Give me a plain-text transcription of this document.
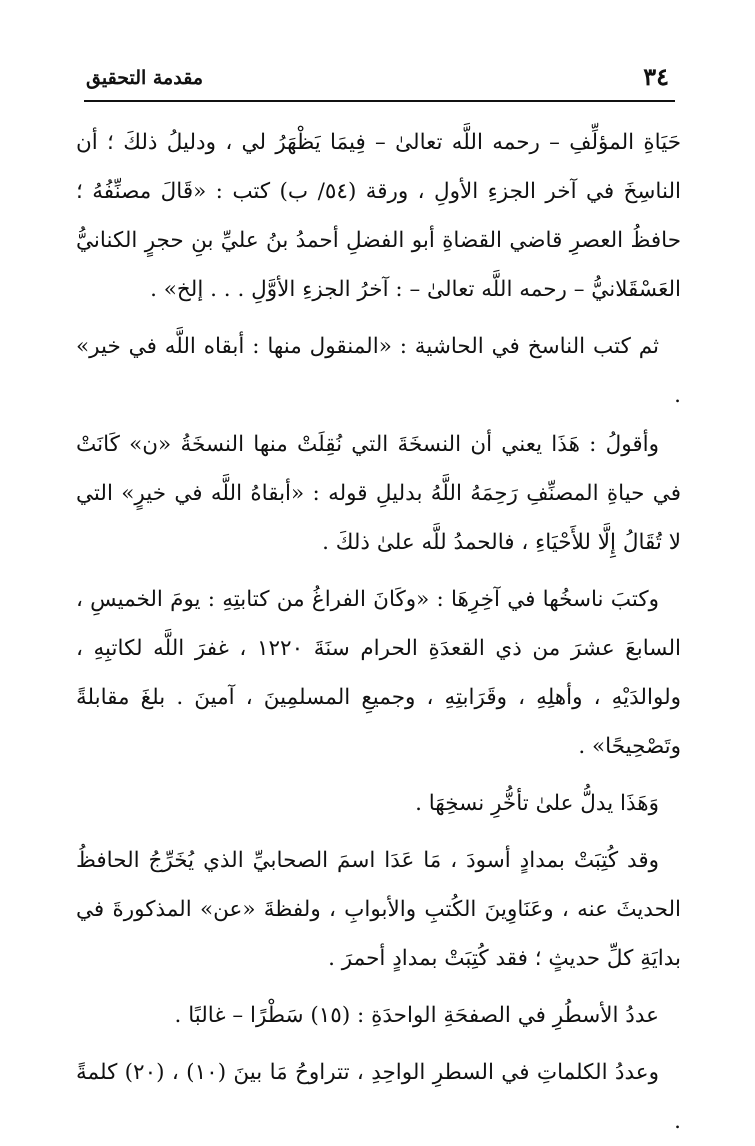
٣٤
مقدمة التحقيق

حَيَاةِ المؤلِّفِ – رحمه اللَّه تعالىٰ – فِيمَا يَظْهَرُ لي ، ودليلُ ذلكَ ؛ أن الناسِخَ في آخر الجزءِ الأولِ ، ورقة (٥٤/ ب) كتب : «قَالَ مصنِّفُهُ ؛ حافظُ العصرِ قاضي القضاةِ أبو الفضلِ أحمدُ بنُ عليِّ بنِ حجرٍ الكنانيُّ العَسْقَلانيُّ – رحمه اللَّه تعالىٰ – : آخرُ الجزءِ الأوَّلِ . . . إلخ» .

ثم كتب الناسخ في الحاشية : «المنقول منها : أبقاه اللَّه في خير» .

وأقولُ : هَذَا يعني أن النسخَةَ التي نُقِلَتْ منها النسخَةُ «ن» كَانَتْ في حياةِ المصنِّفِ رَحِمَهُ اللَّهُ بدليلِ قوله : «أبقاهُ اللَّه في خيرٍ» التي لا تُقَالُ إِلَّا للأَحْيَاءِ ، فالحمدُ للَّه علىٰ ذلكَ .

وكتبَ ناسخُها في آخِرِهَا : «وكَانَ الفراغُ من كتابتِهِ : يومَ الخميسِ ، السابعَ عشرَ من ذي القعدَةِ الحرام سنَةَ ١٢٢٠ ، غفرَ اللَّه لكاتبِهِ ، ولوالدَيْهِ ، وأهلِهِ ، وقَرَابتِهِ ، وجميعِ المسلمِينَ ، آمينَ . بلغَ مقابلةً وتَصْحِيحًا» .

وَهَذَا يدلُّ علىٰ تأخُّرِ نسخِهَا .

وقد كُتِبَتْ بمدادٍ أسودَ ، مَا عَدَا اسمَ الصحابيِّ الذي يُخَرِّجُ الحافظُ الحديثَ عنه ، وعَنَاوِينَ الكُتبِ والأبوابِ ، ولفظةَ «عن» المذكورةَ في بدايَةِ كلِّ حديثٍ ؛ فقد كُتِبَتْ بمدادٍ أحمرَ .

عددُ الأسطُرِ في الصفحَةِ الواحدَةِ : (١٥) سَطْرًا – غالبًا .

وعددُ الكلماتِ في السطرِ الواحِدِ ، تتراوحُ مَا بينَ (١٠) ، (٢٠) كلمةً .
